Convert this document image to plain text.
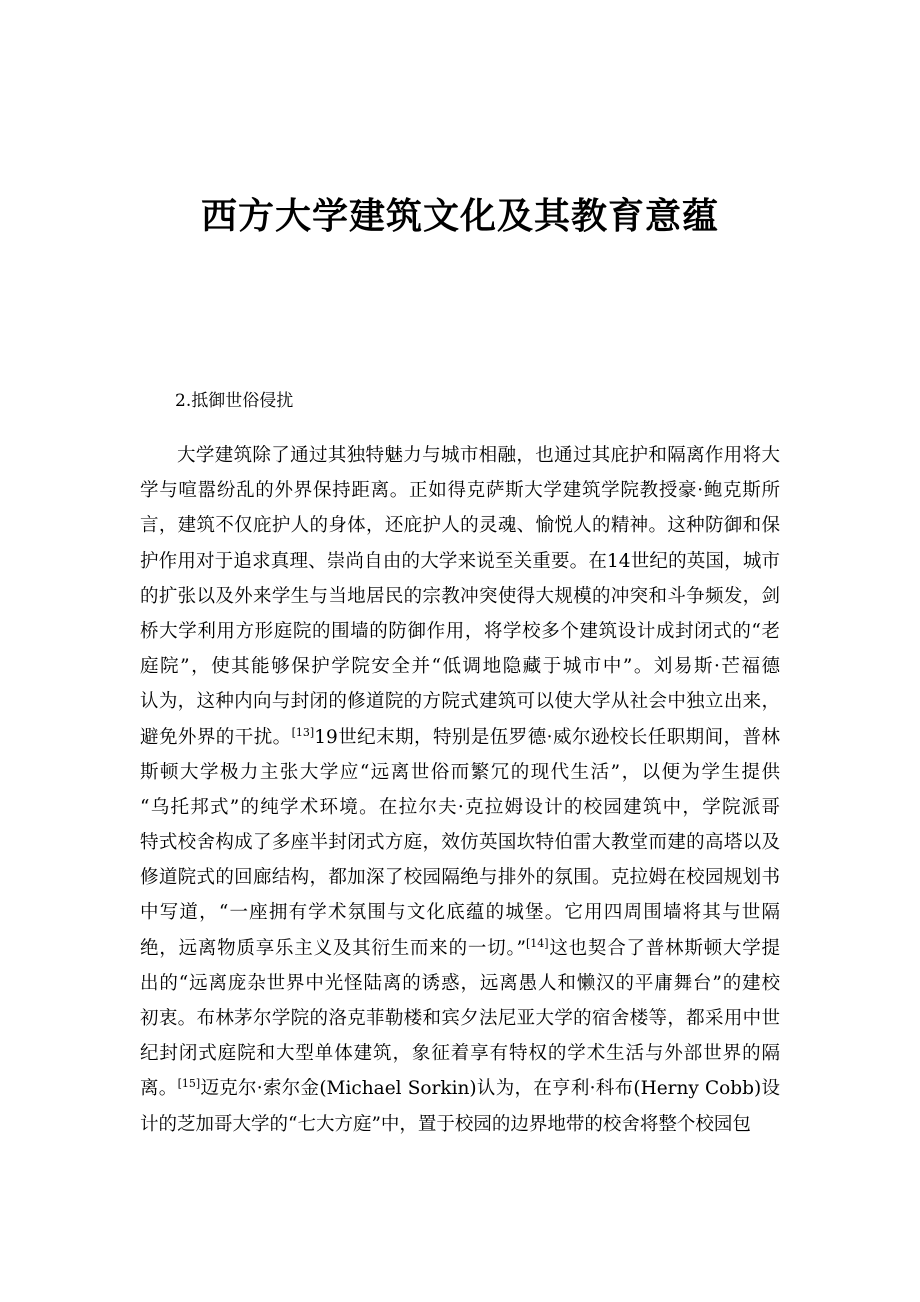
西方大学建筑文化及其教育意蕴

2.抵御世俗侵扰

大学建筑除了通过其独特魅力与城市相融，也通过其庇护和隔离作用将大
学与喧嚣纷乱的外界保持距离。正如得克萨斯大学建筑学院教授豪·鲍克斯所
言，建筑不仅庇护人的身体，还庇护人的灵魂、愉悦人的精神。这种防御和保
护作用对于追求真理、崇尚自由的大学来说至关重要。在14世纪的英国，城市
的扩张以及外来学生与当地居民的宗教冲突使得大规模的冲突和斗争频发，剑
桥大学利用方形庭院的围墙的防御作用，将学校多个建筑设计成封闭式的“老
庭院”，使其能够保护学院安全并“低调地隐藏于城市中”。刘易斯·芒福德
认为，这种内向与封闭的修道院的方院式建筑可以使大学从社会中独立出来，
避免外界的干扰。[13]19世纪末期，特别是伍罗德·威尔逊校长任职期间，普林
斯顿大学极力主张大学应“远离世俗而繁冗的现代生活”，以便为学生提供
“乌托邦式”的纯学术环境。在拉尔夫·克拉姆设计的校园建筑中，学院派哥
特式校舍构成了多座半封闭式方庭，效仿英国坎特伯雷大教堂而建的高塔以及
修道院式的回廊结构，都加深了校园隔绝与排外的氛围。克拉姆在校园规划书
中写道，“一座拥有学术氛围与文化底蕴的城堡。它用四周围墙将其与世隔
绝，远离物质享乐主义及其衍生而来的一切。”[14]这也契合了普林斯顿大学提
出的“远离庞杂世界中光怪陆离的诱惑，远离愚人和懒汉的平庸舞台”的建校
初衷。布林茅尔学院的洛克菲勒楼和宾夕法尼亚大学的宿舍楼等，都采用中世
纪封闭式庭院和大型单体建筑，象征着享有特权的学术生活与外部世界的隔
离。[15]迈克尔·索尔金(Michael Sorkin)认为，在亨利·科布(Herny Cobb)设
计的芝加哥大学的“七大方庭”中，置于校园的边界地带的校舍将整个校园包
